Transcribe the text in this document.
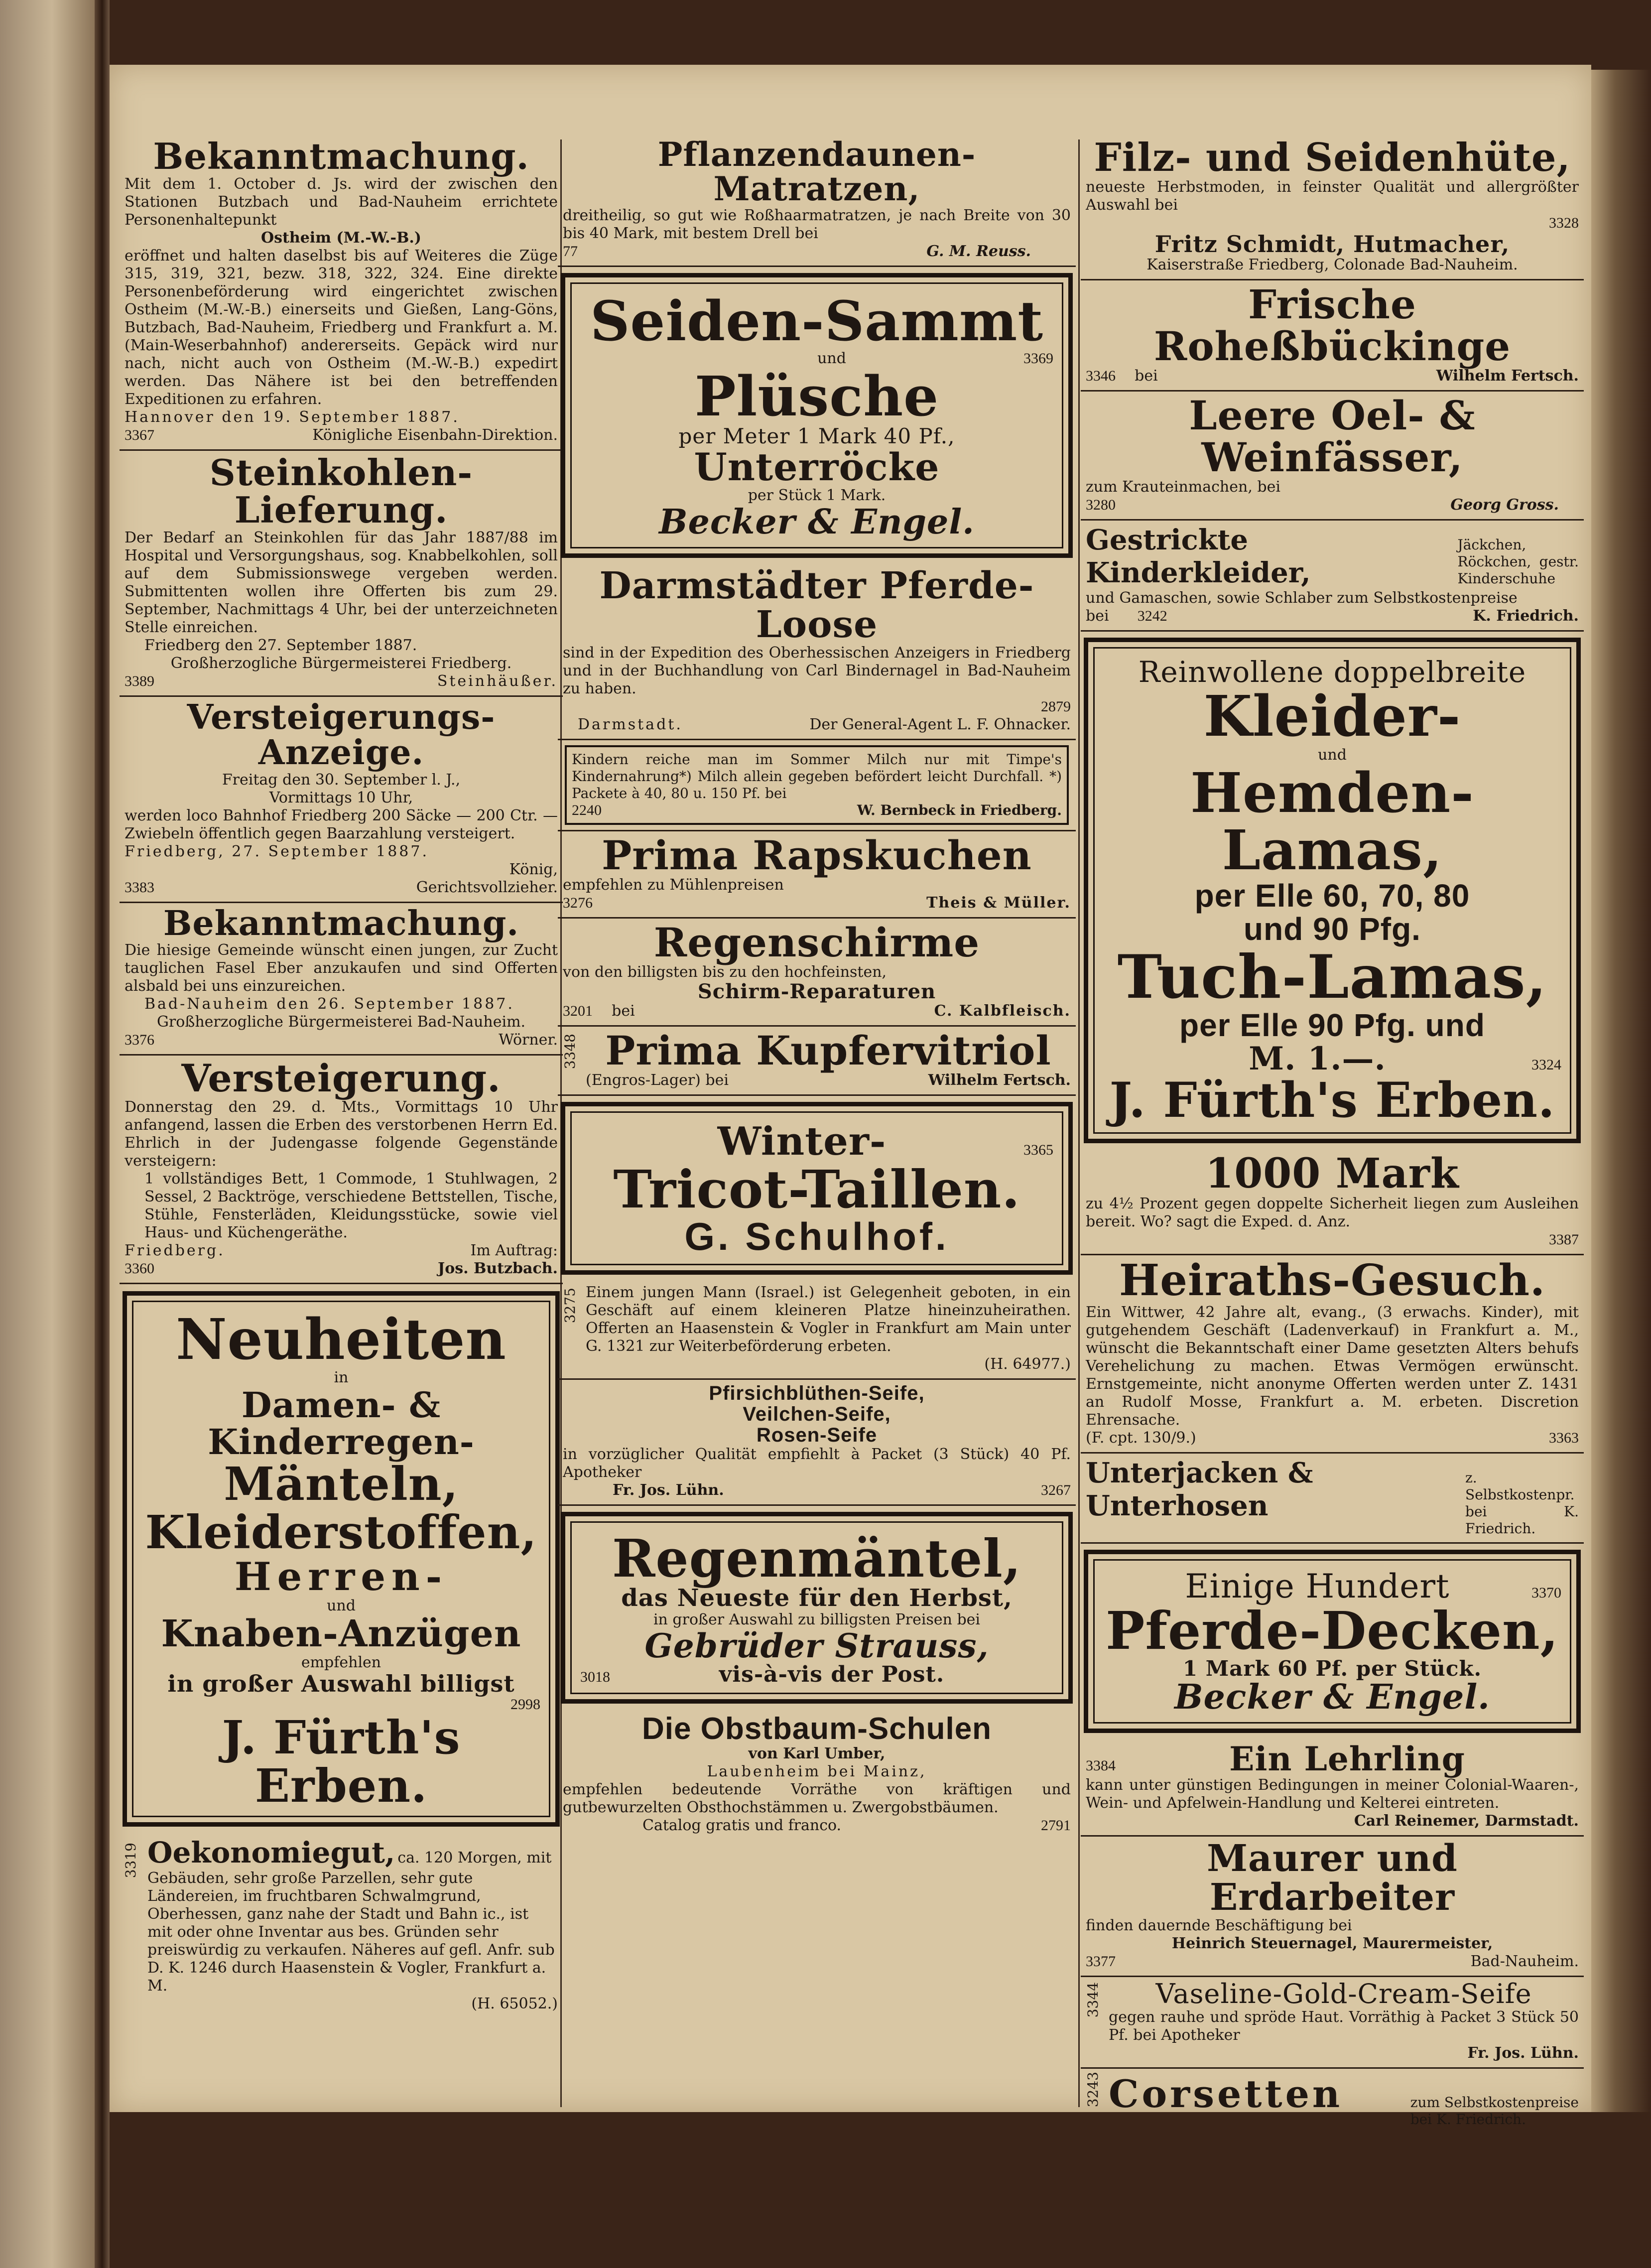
Bekanntmachung.
Mit dem 1. October d. Js. wird der zwischen den Stationen Butzbach und Bad-Nauheim errichtete Personenhaltepunkt
Ostheim (M.-W.-B.)
eröffnet und halten daselbst bis auf Weiteres die Züge 315, 319, 321, bezw. 318, 322, 324. Eine direkte Personenbeförderung wird eingerichtet zwischen Ostheim (M.-W.-B.) einerseits und Gießen, Lang-Göns, Butzbach, Bad-Nauheim, Friedberg und Frankfurt a. M. (Main-Weserbahnhof) andererseits. Gepäck wird nur nach, nicht auch von Ostheim (M.-W.-B.) expedirt werden. Das Nähere ist bei den betreffenden Expeditionen zu erfahren.
Hannover den 19. September 1887.
3367	Königliche Eisenbahn-Direktion.
Steinkohlen-Lieferung.
Der Bedarf an Steinkohlen für das Jahr 1887/88 im Hospital und Versorgungshaus, sog. Knabbelkohlen, soll auf dem Submissionswege vergeben werden. Submittenten wollen ihre Offerten bis zum 29. September, Nachmittags 4 Uhr, bei der unterzeichneten Stelle einreichen.
Friedberg den 27. September 1887.
Großherzogliche Bürgermeisterei Friedberg.
3389	Steinhäußer.
Versteigerungs-Anzeige.
Freitag den 30. September l. J.,
Vormittags 10 Uhr,
werden loco Bahnhof Friedberg 200 Säcke — 200 Ctr. — Zwiebeln öffentlich gegen Baarzahlung versteigert.
Friedberg, 27. September 1887.
König,
3383	Gerichtsvollzieher.
Bekanntmachung.
Die hiesige Gemeinde wünscht einen jungen, zur Zucht tauglichen Fasel Eber anzukaufen und sind Offerten alsbald bei uns einzureichen.
Bad-Nauheim den 26. September 1887.
Großherzogliche Bürgermeisterei Bad-Nauheim.
3376	Wörner.
Versteigerung.
Donnerstag den 29. d. Mts., Vormittags 10 Uhr anfangend, lassen die Erben des verstorbenen Herrn Ed. Ehrlich in der Judengasse folgende Gegenstände versteigern:
1 vollständiges Bett, 1 Commode, 1 Stuhlwagen, 2 Sessel, 2 Backtröge, verschiedene Bettstellen, Tische, Stühle, Fensterläden, Kleidungsstücke, sowie viel Haus- und Küchengeräthe.
Friedberg.	Im Auftrag:
3360	Jos. Butzbach.
Neuheiten
in
Damen- & Kinderregen-
Mänteln,
Kleiderstoffen,
Herren-
und
Knaben-Anzügen
empfehlen
in großer Auswahl billigst
2998
J. Fürth's Erben.
3319 Oekonomiegut, ca. 120 Morgen, mit Gebäuden, sehr große Parzellen, sehr gute Ländereien, im fruchtbaren Schwalmgrund, Oberhessen, ganz nahe der Stadt und Bahn ic., ist mit oder ohne Inventar aus bes. Gründen sehr preiswürdig zu verkaufen. Näheres auf gefl. Anfr. sub D. K. 1246 durch Haasenstein & Vogler, Frankfurt a. M.
(H. 65052.)
Pflanzendaunen-Matratzen,
dreitheilig, so gut wie Roßhaarmatratzen, je nach Breite von 30 bis 40 Mark, mit bestem Drell bei
77	G. M. Reuss.
Seiden-Sammt
und	3369
Plüsche
per Meter 1 Mark 40 Pf.,
Unterröcke
per Stück 1 Mark.
Becker & Engel.
Darmstädter Pferde-Loose
sind in der Expedition des Oberhessischen Anzeigers in Friedberg und in der Buchhandlung von Carl Bindernagel in Bad-Nauheim zu haben.
2879
Darmstadt.	Der General-Agent L. F. Ohnacker.
Kindern reiche man im Sommer Milch nur mit Timpe's Kindernahrung*) Milch allein gegeben befördert leicht Durchfall. *) Packete à 40, 80 u. 150 Pf. bei
2240	W. Bernbeck in Friedberg.
Prima Rapskuchen
empfehlen zu Mühlenpreisen
3276	Theis & Müller.
Regenschirme
von den billigsten bis zu den hochfeinsten,
Schirm-Reparaturen
3201 bei	C. Kalbfleisch.
3348 Prima Kupfervitriol
(Engros-Lager) bei	Wilhelm Fertsch.
Winter-	3365
Tricot-Taillen.
G. Schulhof.
3275 Einem jungen Mann (Israel.) ist Gelegenheit geboten, in ein Geschäft auf einem kleineren Platze hineinzuheirathen. Offerten an Haasenstein & Vogler in Frankfurt am Main unter G. 1321 zur Weiterbeförderung erbeten.
(H. 64977.)
Pfirsichblüthen-Seife,
Veilchen-Seife,
Rosen-Seife
in vorzüglicher Qualität empfiehlt à Packet (3 Stück) 40 Pf. Apotheker
Fr. Jos. Lühn.	3267
Regenmäntel,
das Neueste für den Herbst,
in großer Auswahl zu billigsten Preisen bei
Gebrüder Strauss,
3018	vis-à-vis der Post.
Die Obstbaum-Schulen
von Karl Umber,
Laubenheim bei Mainz,
empfehlen bedeutende Vorräthe von kräftigen und gutbewurzelten Obsthochstämmen u. Zwergobstbäumen.
Catalog gratis und franco.	2791
Filz- und Seidenhüte,
neueste Herbstmoden, in feinster Qualität und allergrößter Auswahl bei
3328
Fritz Schmidt, Hutmacher,
Kaiserstraße Friedberg, Colonade Bad-Nauheim.
Frische Roheßbückinge
3346 bei	Wilhelm Fertsch.
Leere Oel- & Weinfässer,
zum Krauteinmachen, bei
3280	Georg Gross.
Gestrickte Kinderkleider,
Jäckchen, Röckchen, gestr. Kinderschuhe
und Gamaschen, sowie Schlaber zum Selbstkostenpreise
bei 3242	K. Friedrich.
Reinwollene doppelbreite
Kleider-
und
Hemden-Lamas,
per Elle 60, 70, 80
und 90 Pfg.
Tuch-Lamas,
per Elle 90 Pfg. und
M. 1.—.	3324
J. Fürth's Erben.
1000 Mark
zu 4½ Prozent gegen doppelte Sicherheit liegen zum Ausleihen bereit. Wo? sagt die Exped. d. Anz.
3387
Heiraths-Gesuch.
Ein Wittwer, 42 Jahre alt, evang., (3 erwachs. Kinder), mit gutgehendem Geschäft (Ladenverkauf) in Frankfurt a. M., wünscht die Bekanntschaft einer Dame gesetzten Alters behufs Verehelichung zu machen. Etwas Vermögen erwünscht. Ernstgemeinte, nicht anonyme Offerten werden unter Z. 1431 an Rudolf Mosse, Frankfurt a. M. erbeten. Discretion Ehrensache.
(F. cpt. 130/9.)	3363
Unterjacken & Unterhosen
z. Selbstkostenpr.
bei K. Friedrich.
Einige Hundert	3370
Pferde-Decken,
1 Mark 60 Pf. per Stück.
Becker & Engel.
3384	Ein Lehrling
kann unter günstigen Bedingungen in meiner Colonial-Waaren-, Wein- und Apfelwein-Handlung und Kelterei eintreten.
Carl Reinemer, Darmstadt.
Maurer und Erdarbeiter
finden dauernde Beschäftigung bei
Heinrich Steuernagel, Maurermeister,
3377	Bad-Nauheim.
3344	Vaseline-Gold-Cream-Seife
gegen rauhe und spröde Haut. Vorräthig à Packet 3 Stück 50 Pf. bei Apotheker
Fr. Jos. Lühn.
3243 Corsetten	zum Selbstkostenpreise
bei K. Friedrich.
